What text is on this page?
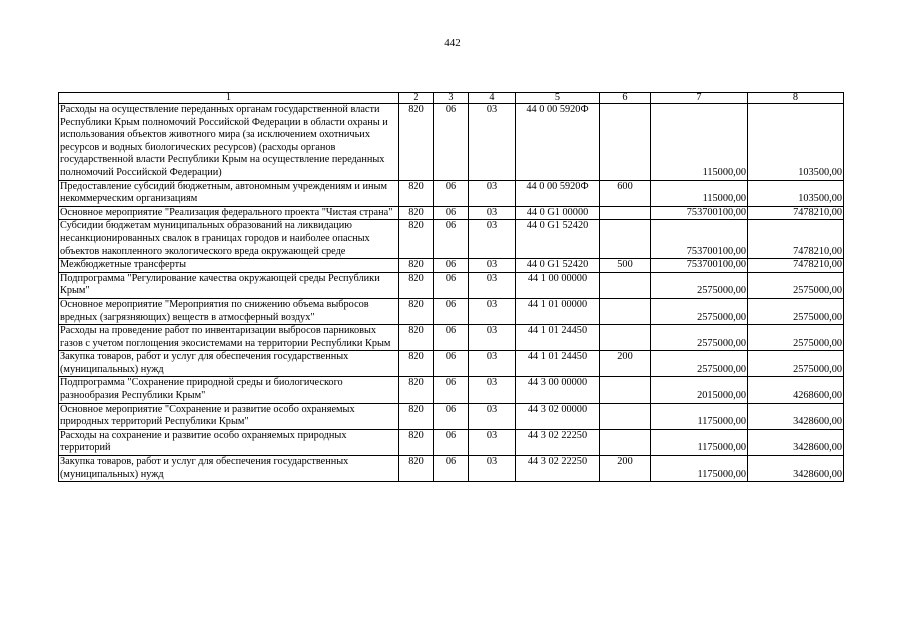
442
1	2	3	4	5	6	7	8
Расходы на осуществление переданных органам государственной власти Республики Крым полномочий Российской Федерации в области охраны и использования объектов животного мира (за исключением охотничьих ресурсов и водных биологических ресурсов) (расходы органов государственной власти Республики Крым на осуществление переданных полномочий Российской Федерации)	820	06	03	44 0 00 5920Ф		115000,00	103500,00
Предоставление субсидий бюджетным, автономным учреждениям и иным некоммерческим организациям	820	06	03	44 0 00 5920Ф	600	115000,00	103500,00
Основное мероприятие "Реализация федерального проекта "Чистая страна"	820	06	03	44 0 G1 00000		753700100,00	7478210,00
Субсидии бюджетам муниципальных образований на ликвидацию несанкционированных свалок в границах городов и наиболее опасных объектов накопленного экологического вреда окружающей среде	820	06	03	44 0 G1 52420		753700100,00	7478210,00
Межбюджетные трансферты	820	06	03	44 0 G1 52420	500	753700100,00	7478210,00
Подпрограмма "Регулирование качества окружающей среды Республики Крым"	820	06	03	44 1 00 00000		2575000,00	2575000,00
Основное мероприятие "Мероприятия по снижению объема выбросов вредных (загрязняющих) веществ в атмосферный воздух"	820	06	03	44 1 01 00000		2575000,00	2575000,00
Расходы на проведение работ по инвентаризации выбросов парниковых газов с учетом поглощения экосистемами на территории Республики Крым	820	06	03	44 1 01 24450		2575000,00	2575000,00
Закупка товаров, работ и услуг для обеспечения государственных (муниципальных) нужд	820	06	03	44 1 01 24450	200	2575000,00	2575000,00
Подпрограмма "Сохранение природной среды и биологического разнообразия Республики Крым"	820	06	03	44 3 00 00000		2015000,00	4268600,00
Основное мероприятие "Сохранение и развитие особо охраняемых природных территорий Республики Крым"	820	06	03	44 3 02 00000		1175000,00	3428600,00
Расходы на сохранение и развитие особо охраняемых природных территорий	820	06	03	44 3 02 22250		1175000,00	3428600,00
Закупка товаров, работ и услуг для обеспечения государственных (муниципальных) нужд	820	06	03	44 3 02 22250	200	1175000,00	3428600,00
